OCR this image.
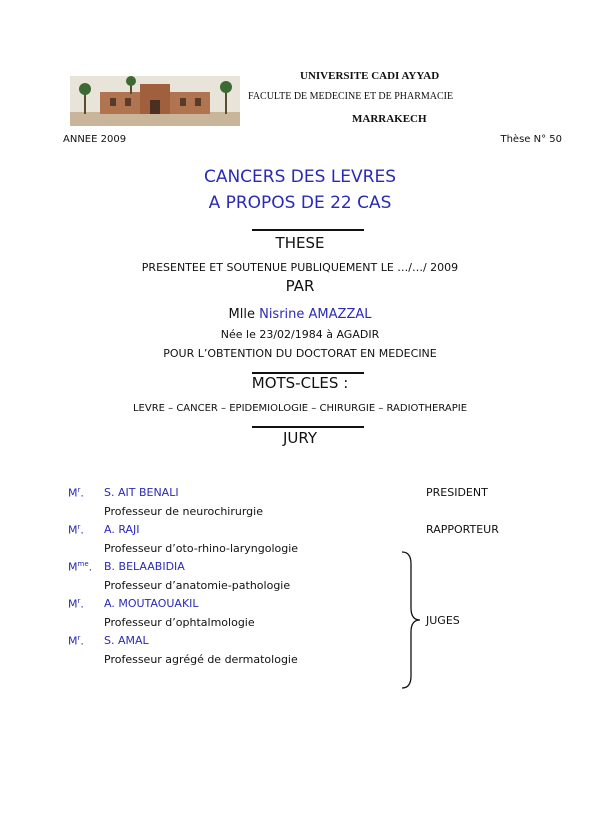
UNIVERSITE CADI AYYAD
FACULTE DE MEDECINE ET DE PHARMACIE
MARRAKECH
ANNEE 2009	Thèse N° 50
CANCERS DES LEVRES
A PROPOS DE 22 CAS
THESE
PRESENTEE ET SOUTENUE PUBLIQUEMENT LE …/…/ 2009
PAR
Mlle Nisrine AMAZZAL
Née le 23/02/1984 à AGADIR
POUR L’OBTENTION DU DOCTORAT EN MEDECINE
MOTS-CLES :
LEVRE – CANCER – EPIDEMIOLOGIE – CHIRURGIE – RADIOTHERAPIE
JURY
$M^r$. S. AIT BENALI
Professeur de neurochirurgie
PRESIDENT
$M^r$. A. RAJI
Professeur d’oto-rhino-laryngologie
RAPPORTEUR
$M^{me}$. B. BELAABIDIA
Professeur d’anatomie-pathologie
$M^r$. A. MOUTAOUAKIL
Professeur d’ophtalmologie
$M^r$. S. AMAL
Professeur agrégé de dermatologie
JUGES
